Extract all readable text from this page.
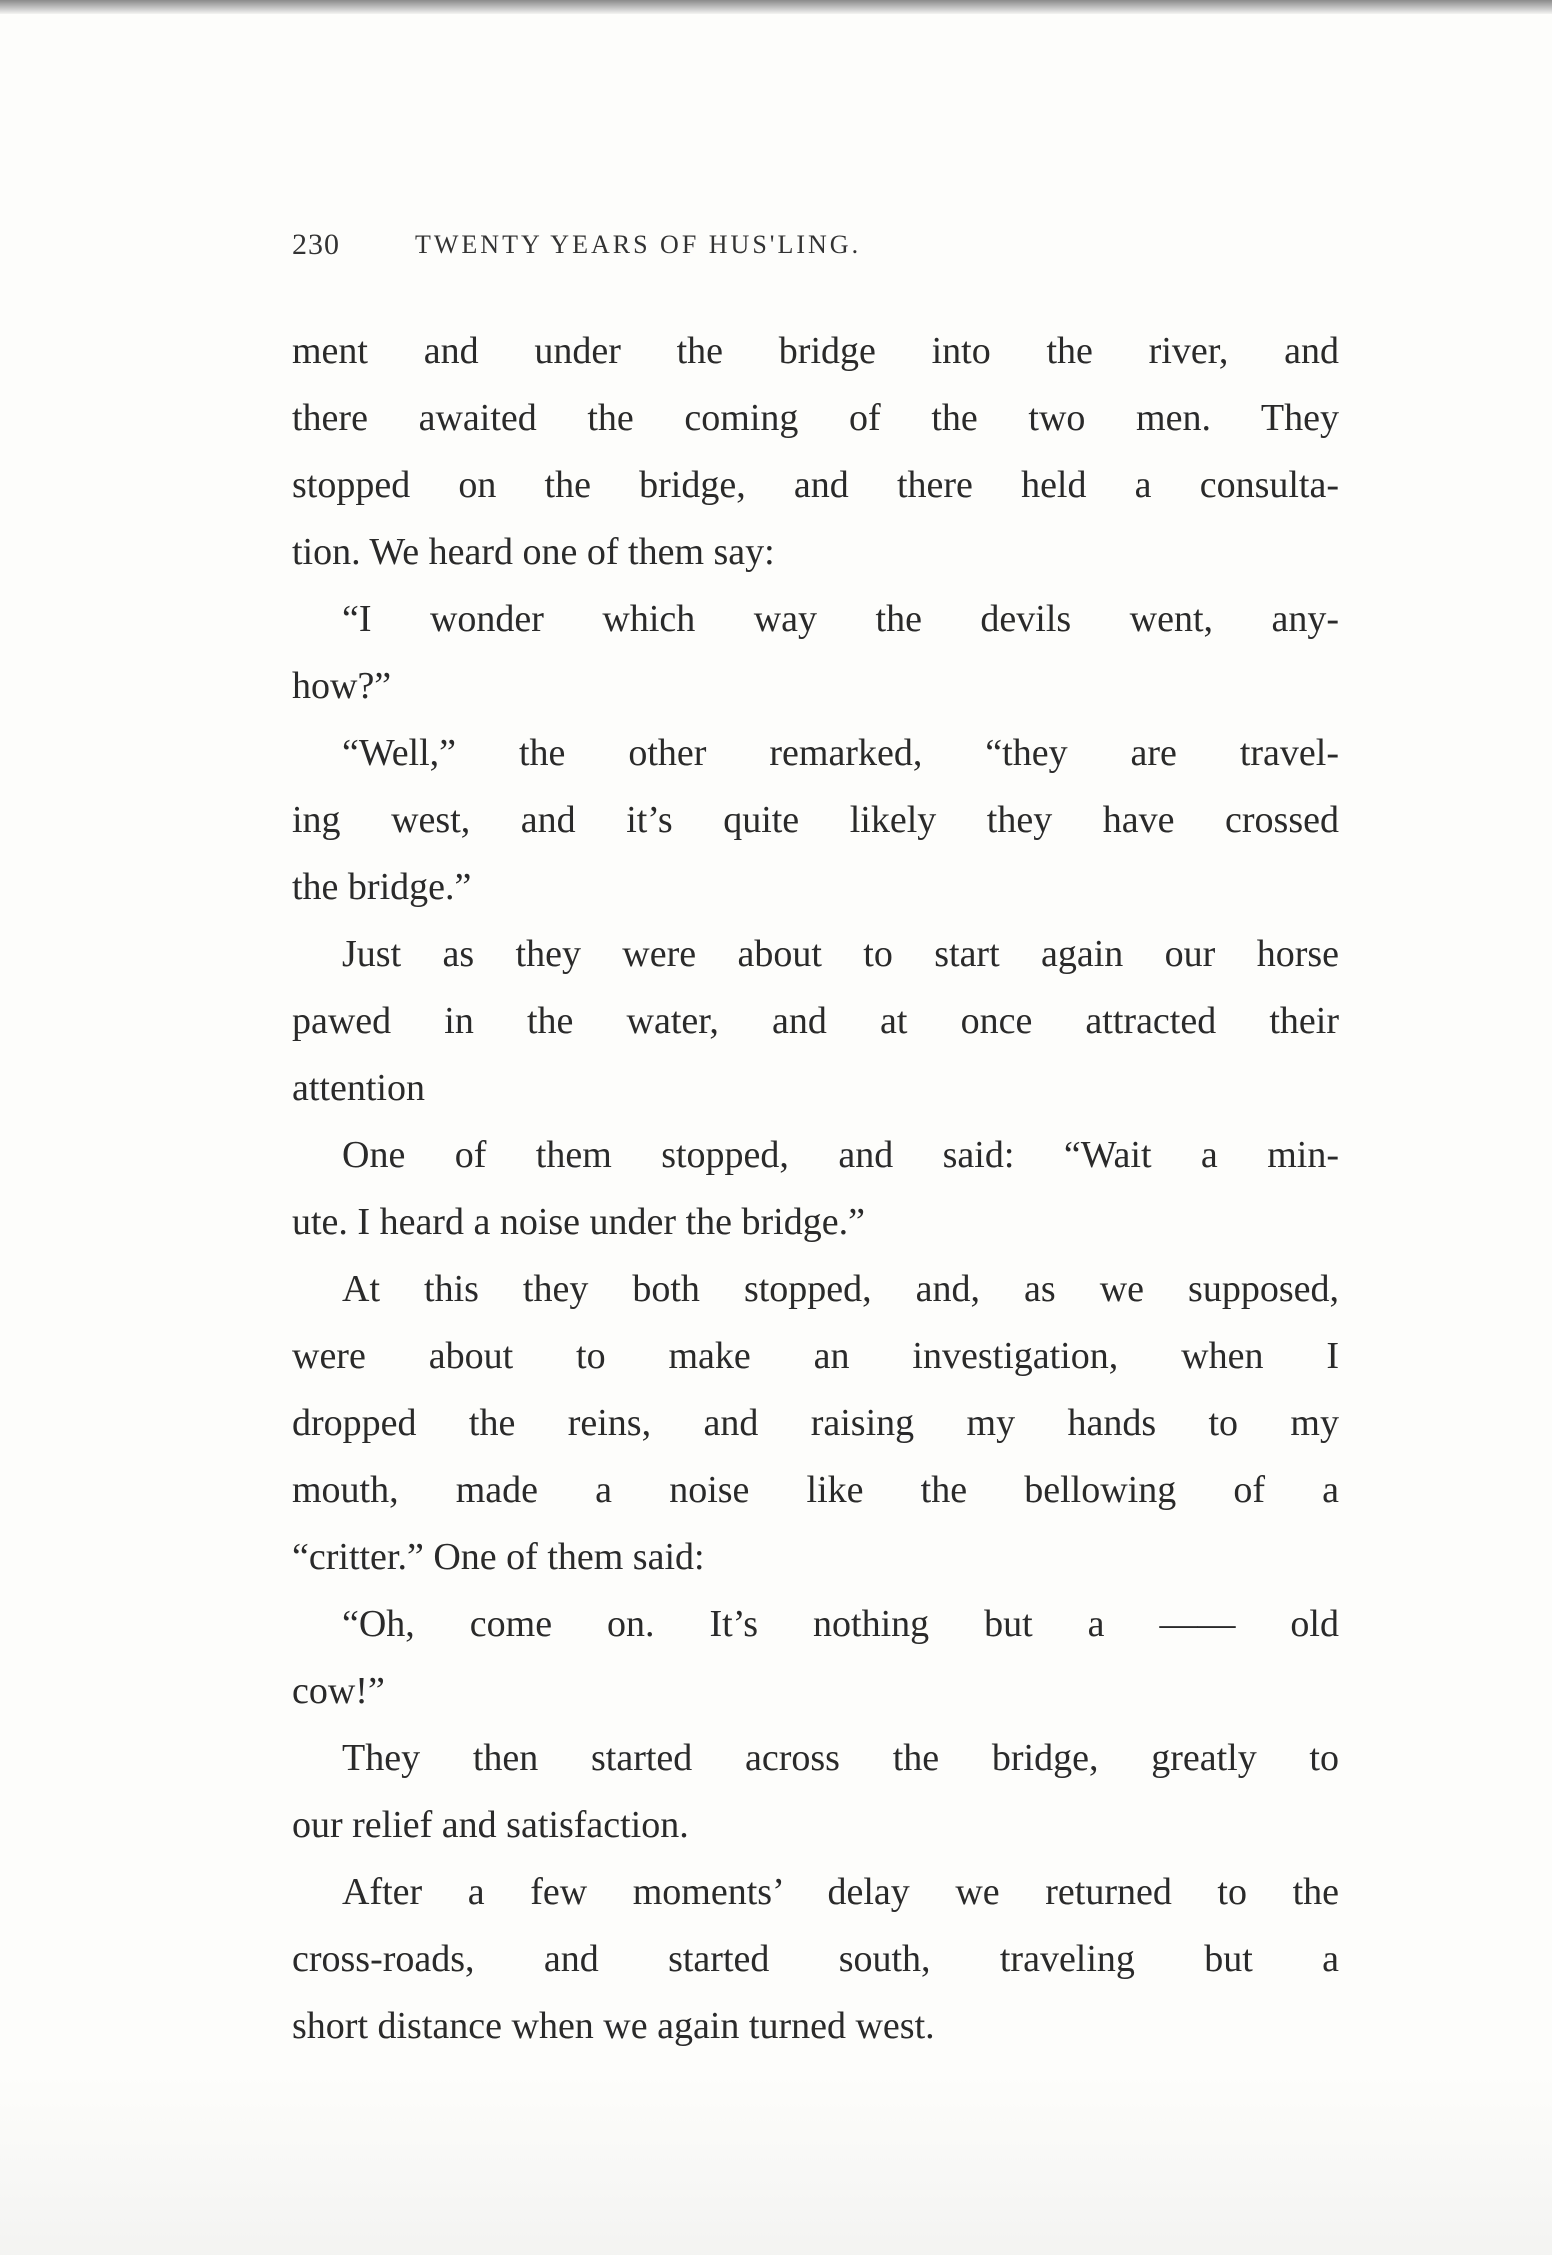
230	TWENTY YEARS OF HUS'LING.
ment and under the bridge into the river, and
there awaited the coming of the two men. They
stopped on the bridge, and there held a consulta-
tion. We heard one of them say:
“I wonder which way the devils went, any-
how?”
“Well,” the other remarked, “they are travel-
ing west, and it’s quite likely they have crossed
the bridge.”
Just as they were about to start again our horse
pawed in the water, and at once attracted their
attention
One of them stopped, and said: “Wait a min-
ute. I heard a noise under the bridge.”
At this they both stopped, and, as we supposed,
were about to make an investigation, when I
dropped the reins, and raising my hands to my
mouth, made a noise like the bellowing of a
“critter.” One of them said:
“Oh, come on. It’s nothing but a —— old
cow!”
They then started across the bridge, greatly to
our relief and satisfaction.
After a few moments’ delay we returned to the
cross-roads, and started south, traveling but a
short distance when we again turned west.
